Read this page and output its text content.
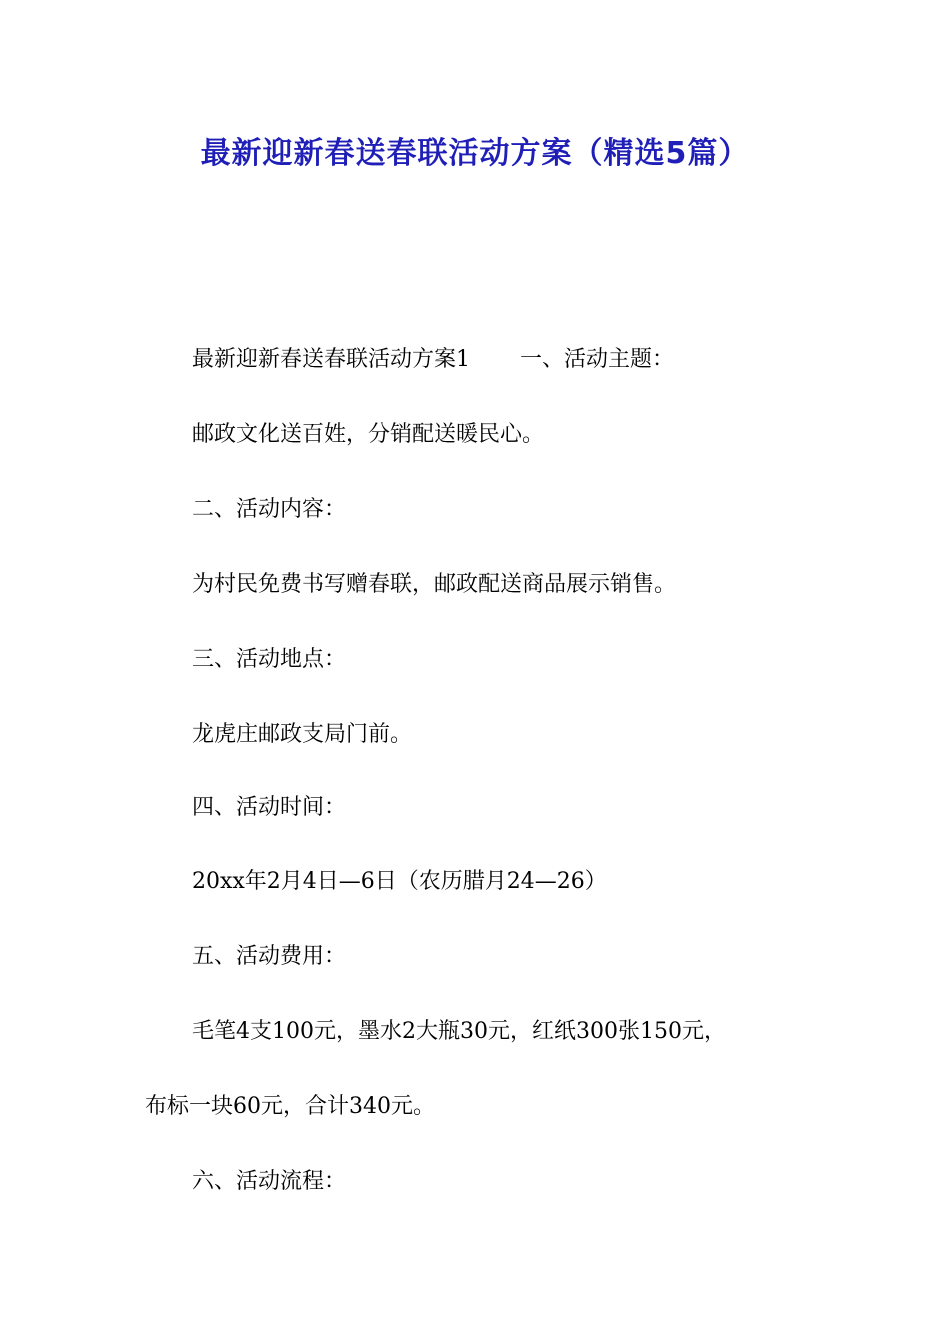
最新迎新春送春联活动方案（精选5篇）

最新迎新春送春联活动方案1 一、活动主题：

邮政文化送百姓，分销配送暖民心。

二、活动内容：

为村民免费书写赠春联，邮政配送商品展示销售。

三、活动地点：

龙虎庄邮政支局门前。

四、活动时间：

20xx年2月4日—6日（农历腊月24—26）

五、活动费用：

毛笔4支100元，墨水2大瓶30元，红纸300张150元，

布标一块60元，合计340元。

六、活动流程：
